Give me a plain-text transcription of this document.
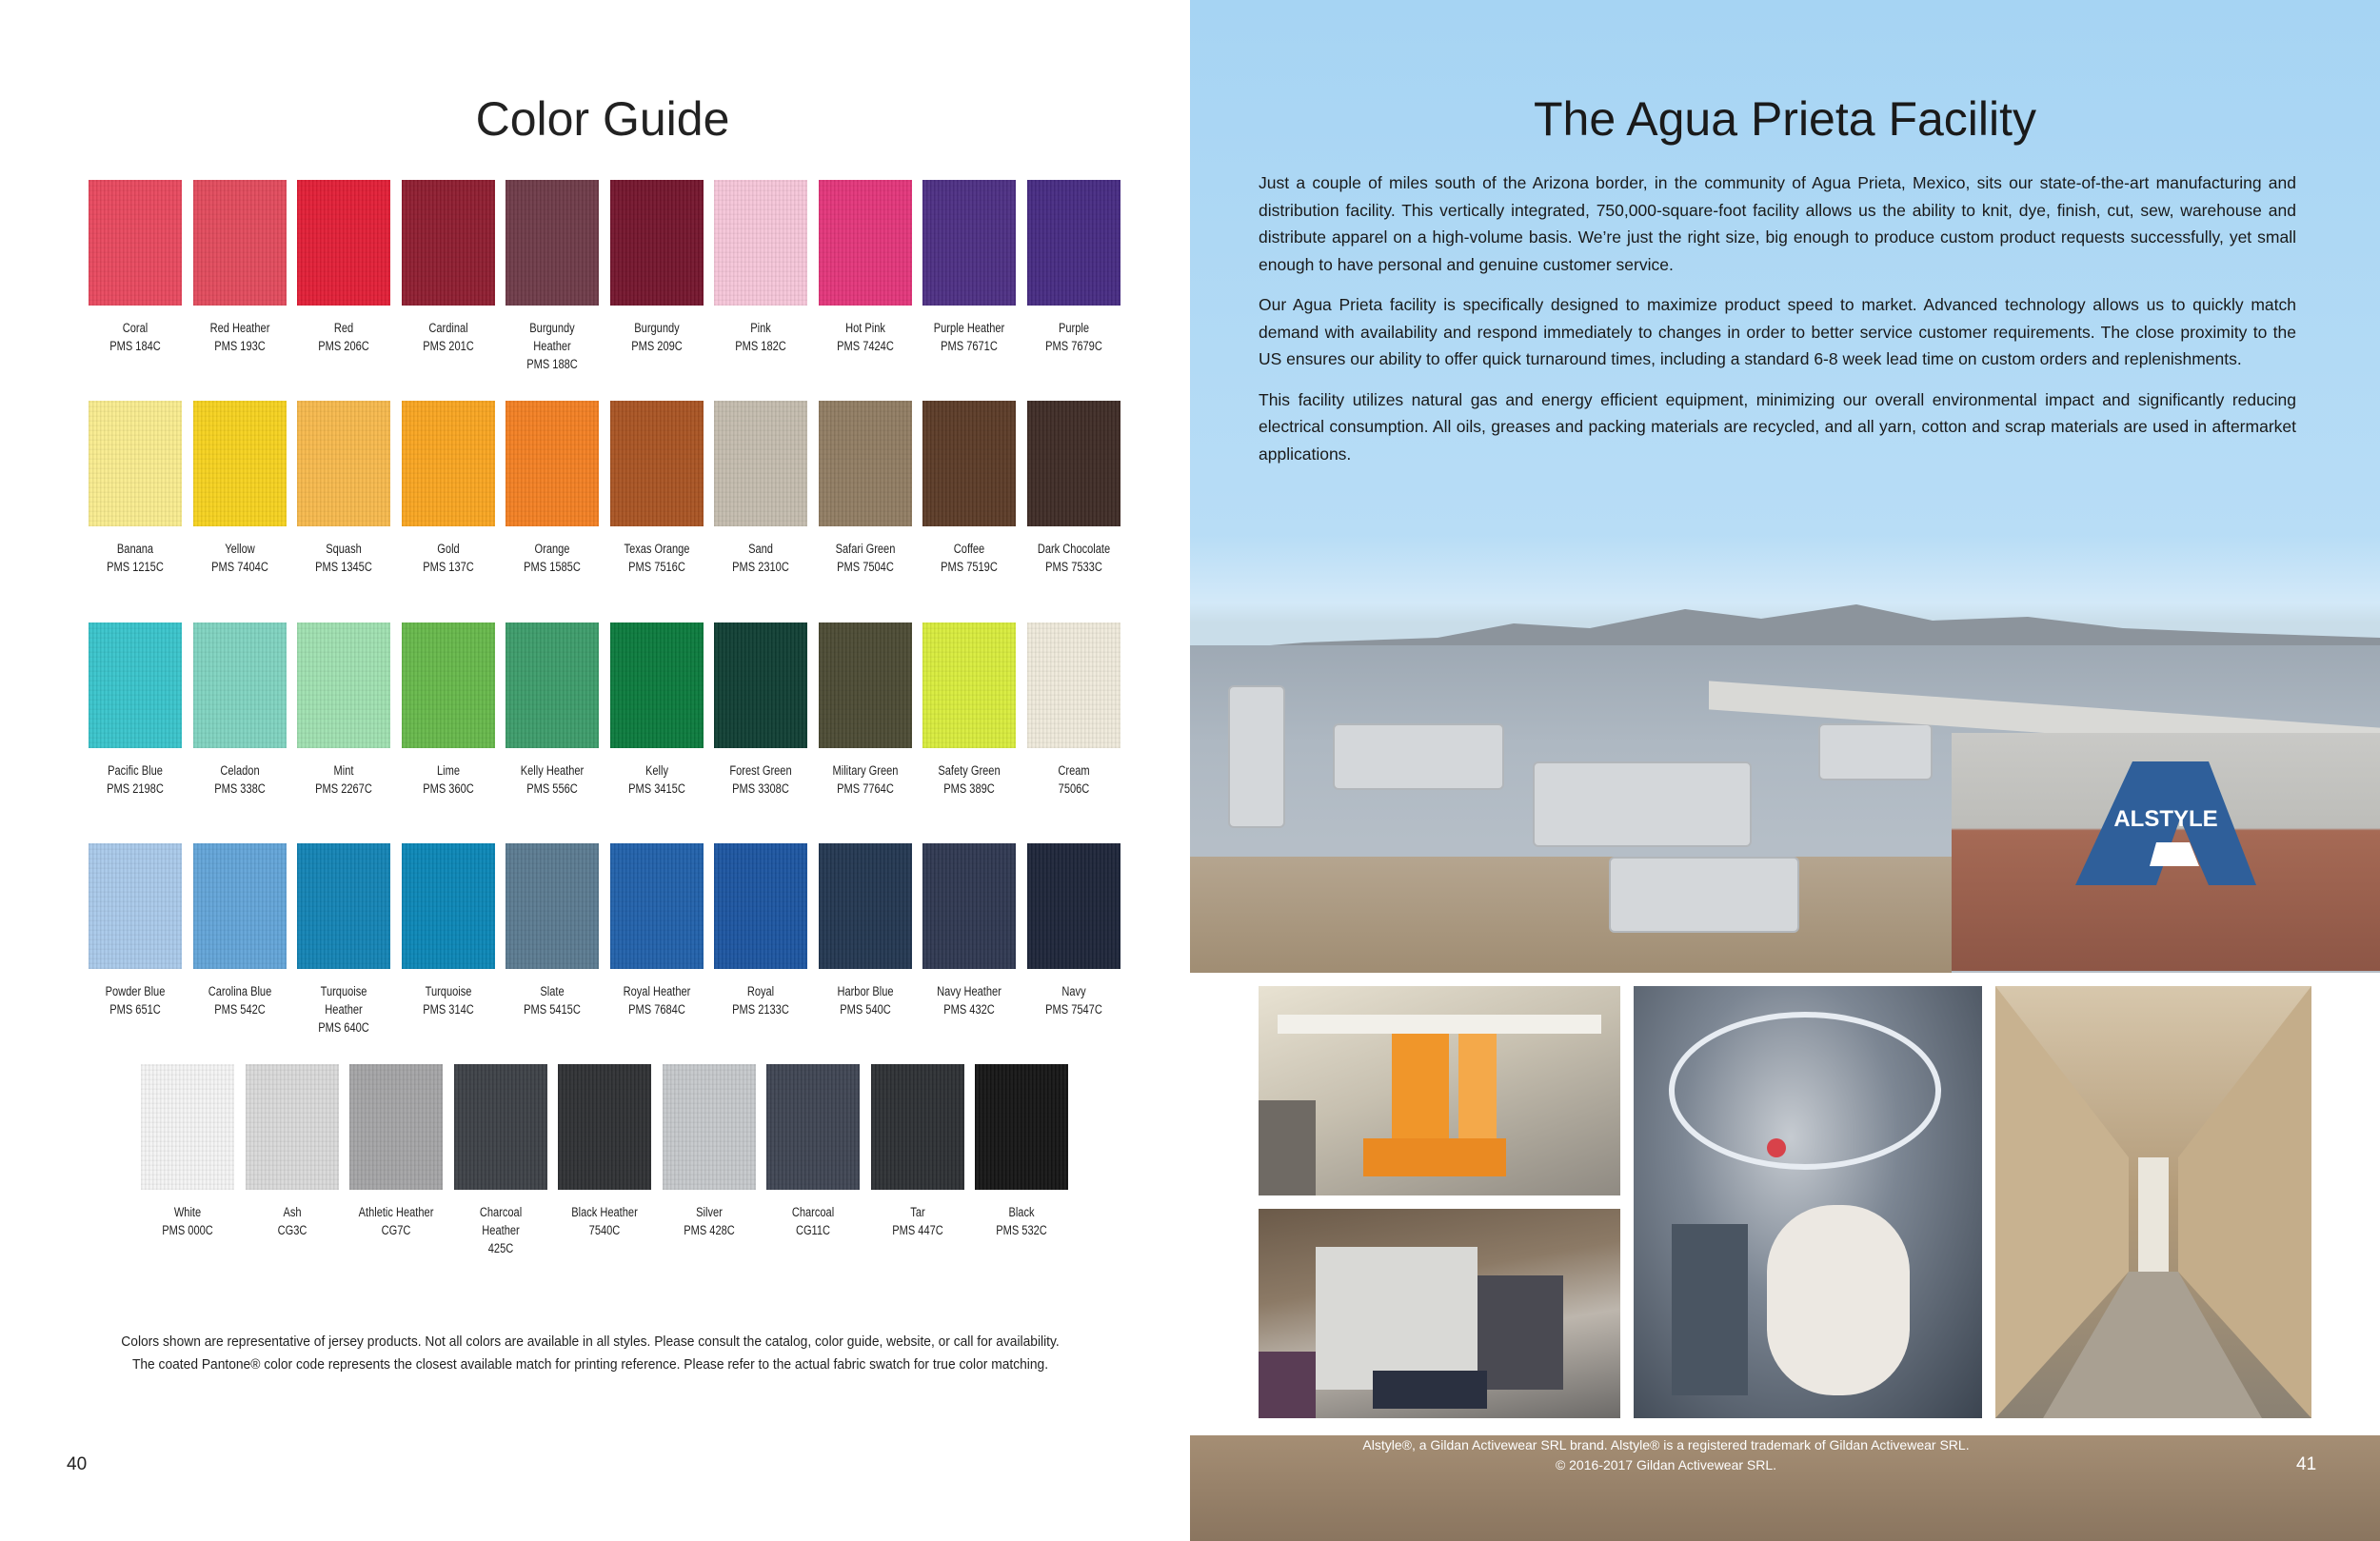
Color Guide
Coral
PMS 184C
Red Heather
PMS 193C
Red
PMS 206C
Cardinal
PMS 201C
Burgundy
Heather
PMS 188C
Burgundy
PMS 209C
Pink
PMS 182C
Hot Pink
PMS 7424C
Purple Heather
PMS 7671C
Purple
PMS 7679C
Banana
PMS 1215C
Yellow
PMS 7404C
Squash
PMS 1345C
Gold
PMS 137C
Orange
PMS 1585C
Texas Orange
PMS 7516C
Sand
PMS 2310C
Safari Green
PMS 7504C
Coffee
PMS 7519C
Dark Chocolate
PMS 7533C
Pacific Blue
PMS 2198C
Celadon
PMS 338C
Mint
PMS 2267C
Lime
PMS 360C
Kelly Heather
PMS 556C
Kelly
PMS 3415C
Forest Green
PMS 3308C
Military Green
PMS 7764C
Safety Green
PMS 389C
Cream
7506C
Powder Blue
PMS 651C
Carolina Blue
PMS 542C
Turquoise
Heather
PMS 640C
Turquoise
PMS 314C
Slate
PMS 5415C
Royal Heather
PMS 7684C
Royal
PMS 2133C
Harbor Blue
PMS 540C
Navy Heather
PMS 432C
Navy
PMS 7547C
White
PMS 000C
Ash
CG3C
Athletic Heather
CG7C
Charcoal
Heather
425C
Black Heather
7540C
Silver
PMS 428C
Charcoal
CG11C
Tar
PMS 447C
Black
PMS 532C
Colors shown are representative of jersey products. Not all colors are available in all styles. Please consult the catalog, color guide, website, or call for availability.
The coated Pantone® color code represents the closest available match for printing reference. Please refer to the actual fabric swatch for true color matching.
40
The Agua Prieta Facility

Just a couple of miles south of the Arizona border, in the community of Agua Prieta, Mexico, sits our state-of-the-art manufacturing and distribution facility. This vertically integrated, 750,000-square-foot facility allows us the ability to knit, dye, finish, cut, sew, warehouse and distribute apparel on a high-volume basis. We’re just the right size, big enough to produce custom product requests successfully, yet small enough to have personal and genuine customer service.

Our Agua Prieta facility is specifically designed to maximize product speed to market. Advanced technology allows us to quickly match demand with availability and respond immediately to changes in order to better service customer requirements. The close proximity to the US ensures our ability to offer quick turnaround times, including a standard 6-8 week lead time on custom orders and replenishments.

This facility utilizes natural gas and energy efficient equipment, minimizing our overall environmental impact and significantly reducing electrical consumption. All oils, greases and packing materials are recycled, and all yarn, cotton and scrap materials are used in aftermarket applications.

ALSTYLE
Alstyle®, a Gildan Activewear SRL brand. Alstyle® is a registered trademark of Gildan Activewear SRL.
© 2016-2017 Gildan Activewear SRL.	41
